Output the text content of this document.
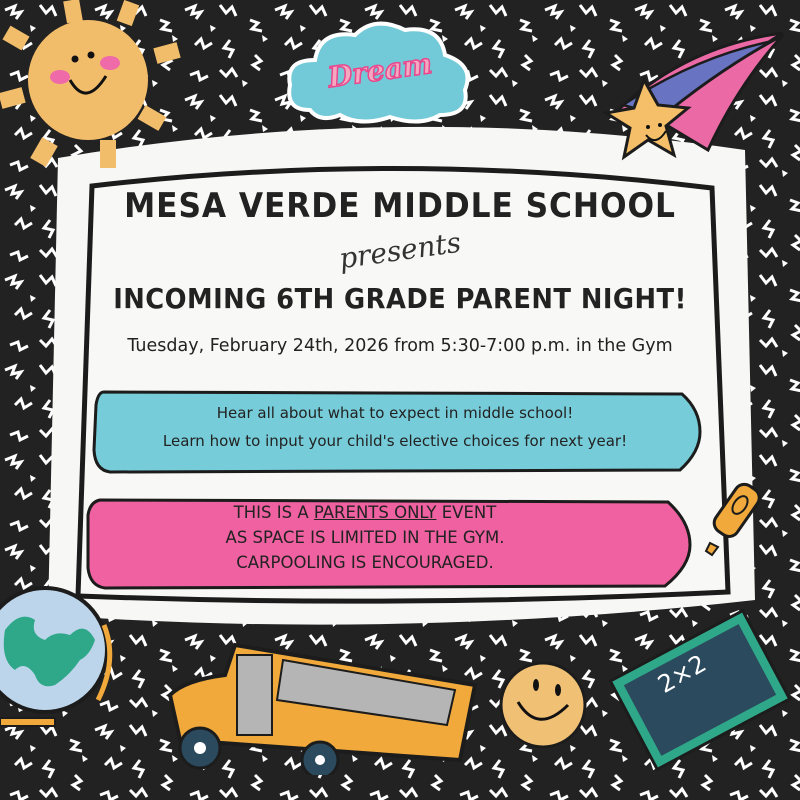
Dream
2×2
MESA VERDE MIDDLE SCHOOL
presents
INCOMING 6TH GRADE PARENT NIGHT!
Tuesday, February 24th, 2026 from 5:30-7:00 p.m. in the Gym
Hear all about what to expect in middle school!
Learn how to input your child's elective choices for next year!
THIS IS A PARENTS ONLY EVENT
AS SPACE IS LIMITED IN THE GYM.
CARPOOLING IS ENCOURAGED.
